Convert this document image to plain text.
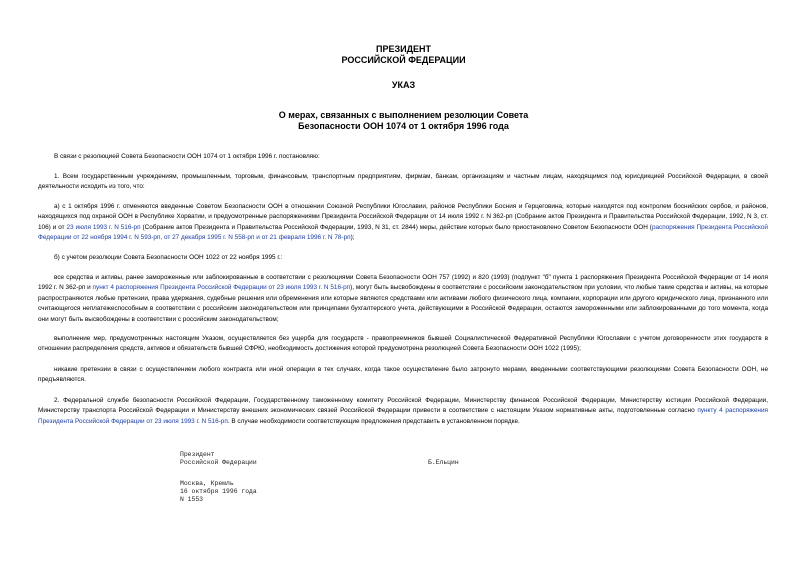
ПРЕЗИДЕНТ
РОССИЙСКОЙ ФЕДЕРАЦИИ
УКАЗ
О мерах, связанных с выполнением резолюции Совета
Безопасности ООН 1074 от 1 октября 1996 года
В связи с резолюцией Совета Безопасности ООН 1074 от 1 октября 1996 г. постановляю:
1. Всем государственным учреждениям, промышленным, торговым, финансовым, транспортным предприятиям, фирмам, банкам, организациям и частным лицам, находящимся под юрисдикцией Российской Федерации, в своей деятельности исходить из того, что:
а) с 1 октября 1996 г. отменяются введенные Советом Безопасности ООН в отношении Союзной Республики Югославии, районов Республики Босния и Герцеговина, которые находятся под контролем боснийских сербов, и районов, находящихся под охраной ООН в Республике Хорватии, и предусмотренные распоряжениями Президента Российской Федерации от 14 июля 1992 г. N 362-рп (Собрание актов Президента и Правительства Российской Федерации, 1992, N 3, ст. 106) и от 23 июля 1993 г. N 516-рп (Собрание актов Президента и Правительства Российской Федерации, 1993, N 31, ст. 2844) меры, действие которых было приостановлено Советом Безопасности ООН (распоряжения Президента Российской Федерации от 22 ноября 1994 г. N 593-рп, от 27 декабря 1995 г. N 558-рп и от 21 февраля 1996 г. N 78-рп);
б) с учетом резолюции Совета Безопасности ООН 1022 от 22 ноября 1995 г.:
все средства и активы, ранее замороженные или заблокированные в соответствии с резолюциями Совета Безопасности ООН 757 (1992) и 820 (1993) (подпункт "б" пункта 1 распоряжения Президента Российской Федерации от 14 июля 1992 г. N 362-рп и пункт 4 распоряжения Президента Российской Федерации от 23 июля 1993 г. N 516-рп), могут быть высвобождены в соответствии с российским законодательством при условии, что любые такие средства и активы, на которые распространяются любые претензии, права удержания, судебные решения или обременения или которые являются средствами или активами любого физического лица, компании, корпорации или другого юридического лица, признанного или считающегося неплатежеспособным в соответствии с российским законодательством или принципами бухгалтерского учета, действующими в Российской Федерации, остаются замороженными или заблокированными до того момента, когда они могут быть высвобождены в соответствии с российским законодательством;
выполнение мер, предусмотренных настоящим Указом, осуществляется без ущерба для государств - правопреемников бывшей Социалистической Федеративной Республики Югославии с учетом договоренности этих государств в отношении распределения средств, активов и обязательств бывшей СФРЮ, необходимость достижения которой предусмотрена резолюцией Совета Безопасности ООН 1022 (1995);
никакие претензии в связи с осуществлением любого контракта или иной операции в тех случаях, когда такое осуществление было затронуто мерами, введенными соответствующими резолюциями Совета Безопасности ООН, не предъявляются.
2. Федеральной службе безопасности Российской Федерации, Государственному таможенному комитету Российской Федерации, Министерству финансов Российской Федерации, Министерству юстиции Российской Федерации, Министерству транспорта Российской Федерации и Министерству внешних экономических связей Российской Федерации привести в соответствие с настоящим Указом нормативные акты, подготовленные согласно пункту 4 распоряжения Президента Российской Федерации от 23 июля 1993 г. N 516-рп. В случае необходимости соответствующие предложения представить в установленном порядке.
Президент
Российской Федерации	Б.Ельцин
Москва, Кремль
16 октября 1996 года
N 1553
